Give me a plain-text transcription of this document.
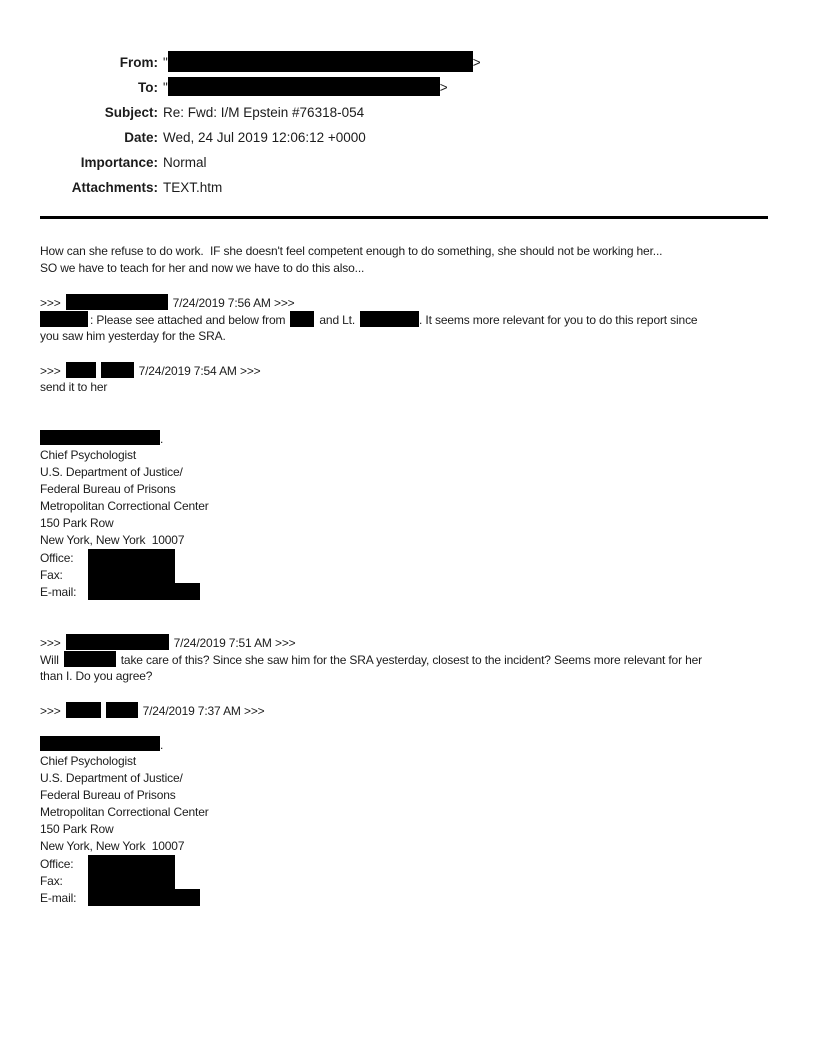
From: "	>
To: "	>
Subject: Re: Fwd: I/M Epstein #76318-054
Date: Wed, 24 Jul 2019 12:06:12 +0000
Importance: Normal
Attachments: TEXT.htm
How can she refuse to do work.  IF she doesn't feel competent enough to do something, she should not be working her...
SO we have to teach for her and now we have to do this also...
>>>	7/24/2019 7:56 AM >>>
: Please see attached and below from	and Lt.	. It seems more relevant for you to do this report since
you saw him yesterday for the SRA.
>>>	7/24/2019 7:54 AM >>>
send it to her
.
Chief Psychologist
U.S. Department of Justice/
Federal Bureau of Prisons
Metropolitan Correctional Center
150 Park Row
New York, New York  10007
Office:
Fax:
E-mail:
>>>	7/24/2019 7:51 AM >>>
Will	take care of this? Since she saw him for the SRA yesterday, closest to the incident? Seems more relevant for her
than I. Do you agree?
>>>	7/24/2019 7:37 AM >>>
.
Chief Psychologist
U.S. Department of Justice/
Federal Bureau of Prisons
Metropolitan Correctional Center
150 Park Row
New York, New York  10007
Office:
Fax:
E-mail:
